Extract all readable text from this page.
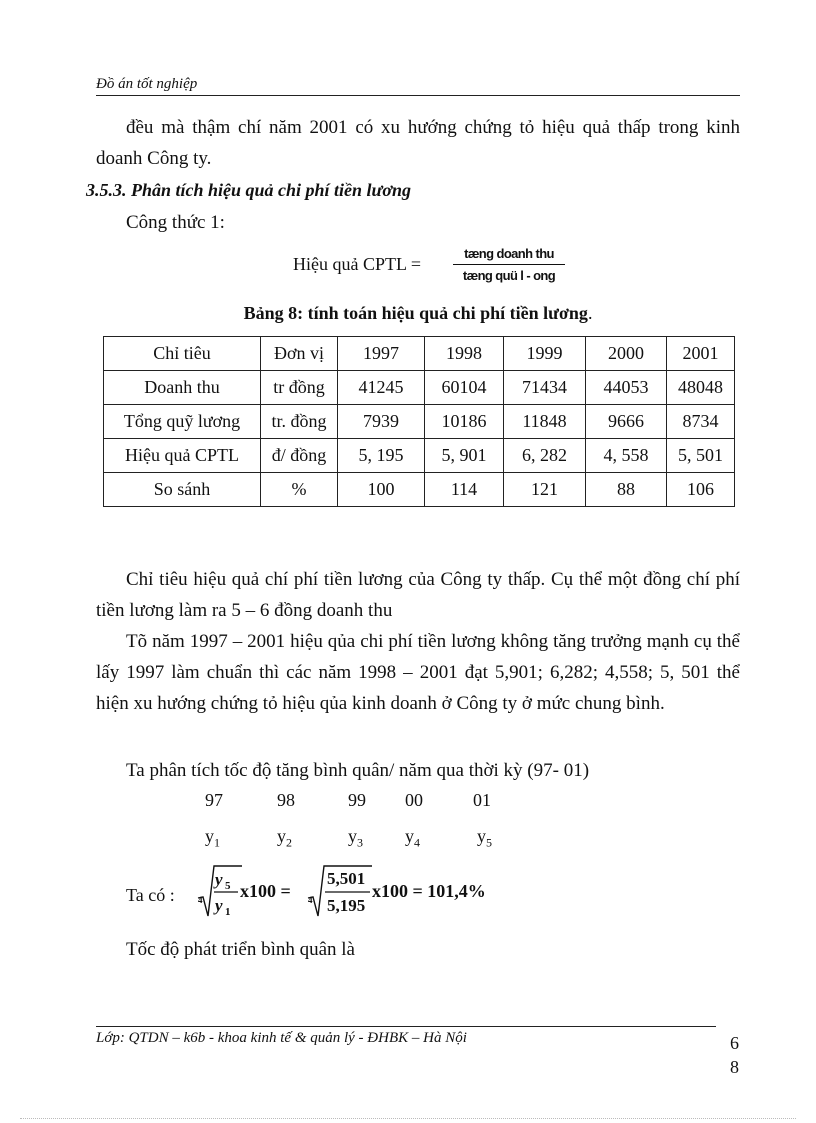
Đồ án tốt nghiệp
đều mà thậm chí năm 2001 có xu hướng chứng tỏ hiệu quả thấp trong kinh doanh Công ty.
3.5.3. Phân tích hiệu quả chi phí tiền lương
Công thức 1:
Hiệu quả CPTL =
tæng doanh thu
tæng quü l - ong
Bảng 8: tính toán hiệu quả chi phí tiền lương.
Chỉ tiêu	Đơn vị	1997	1998	1999	2000	2001
Doanh thu	tr đồng	41245	60104	71434	44053	48048
Tổng quỹ lương	tr. đồng	7939	10186	11848	9666	8734
Hiệu quả CPTL	đ/ đồng	5, 195	5, 901	6, 282	4, 558	5, 501
So sánh	%	100	114	121	88	106
Chỉ tiêu hiệu quả chí phí tiền lương của Công ty thấp. Cụ thể một đồng chí phí tiền lương làm ra 5 – 6 đồng doanh thu
Tõ năm 1997 – 2001 hiệu qủa chi phí tiền lương không tăng trưởng mạnh cụ thể lấy 1997 làm chuẩn thì các năm 1998 – 2001 đạt 5,901; 6,282; 4,558; 5, 501 thể hiện xu hướng chứng tỏ hiệu qủa kinh doanh ở Công ty ở mức chung bình.
Ta phân tích tốc độ tăng bình quân/ năm qua thời kỳ (97- 01)
97	98	99 00	01
$y_1$	$y_2$	$y_3$ $y_4$	$y_5$
Ta có :	4
y 5
y 1
x100 = 4
5,501
5,195
x100 = 101,4%
Tốc độ phát triển bình quân là
Lớp: QTDN – k6b - khoa kinh tế & quản lý - ĐHBK – Hà Nội	6
8
